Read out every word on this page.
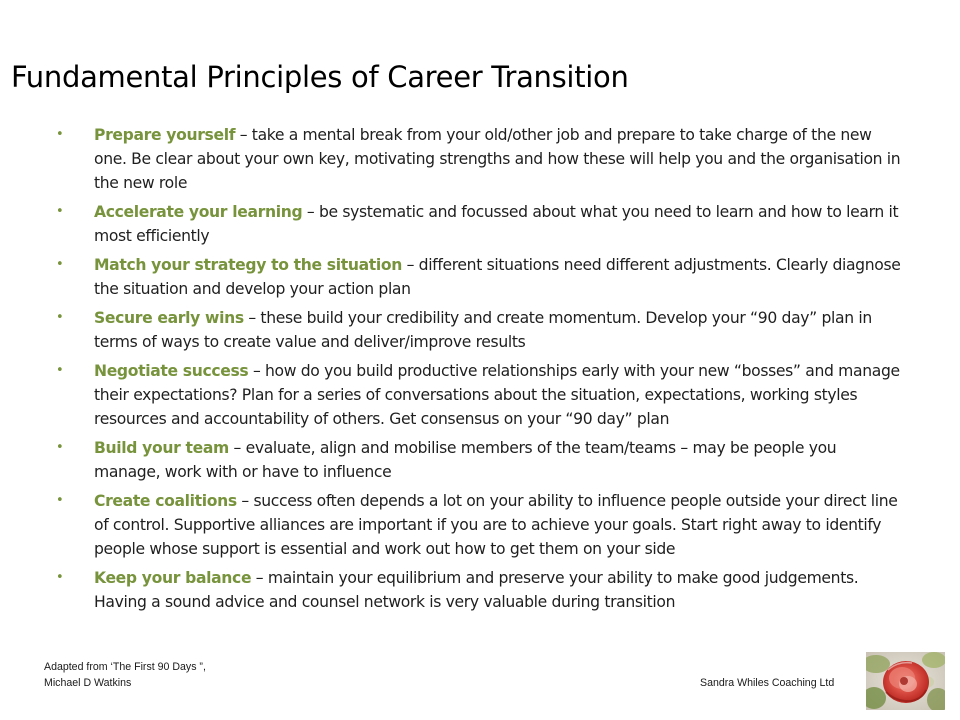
Fundamental Principles of Career Transition
• Prepare yourself – take a mental break from your old/other job and prepare to take charge of the new one. Be clear about your own key, motivating strengths and how these will help you and the organisation in the new role
• Accelerate your learning – be systematic and focussed about what you need to learn and how to learn it most efficiently
• Match your strategy to the situation – different situations need different adjustments. Clearly diagnose the situation and develop your action plan
• Secure early wins – these build your credibility and create momentum. Develop your “90 day” plan in terms of ways to create value and deliver/improve results
• Negotiate success – how do you build productive relationships early with your new “bosses” and manage their expectations? Plan for a series of conversations about the situation, expectations, working styles resources and accountability of others. Get consensus on your “90 day” plan
• Build your team – evaluate, align and mobilise members of the team/teams – may be people you manage, work with or have to influence
• Create coalitions – success often depends a lot on your ability to influence people outside your direct line of control. Supportive alliances are important if you are to achieve your goals. Start right away to identify people whose support is essential and work out how to get them on your side
• Keep your balance – maintain your equilibrium and preserve your ability to make good judgements. Having a sound advice and counsel network is very valuable during transition
Adapted from ‘The First 90 Days ”,
Michael D Watkins	Sandra Whiles Coaching Ltd
